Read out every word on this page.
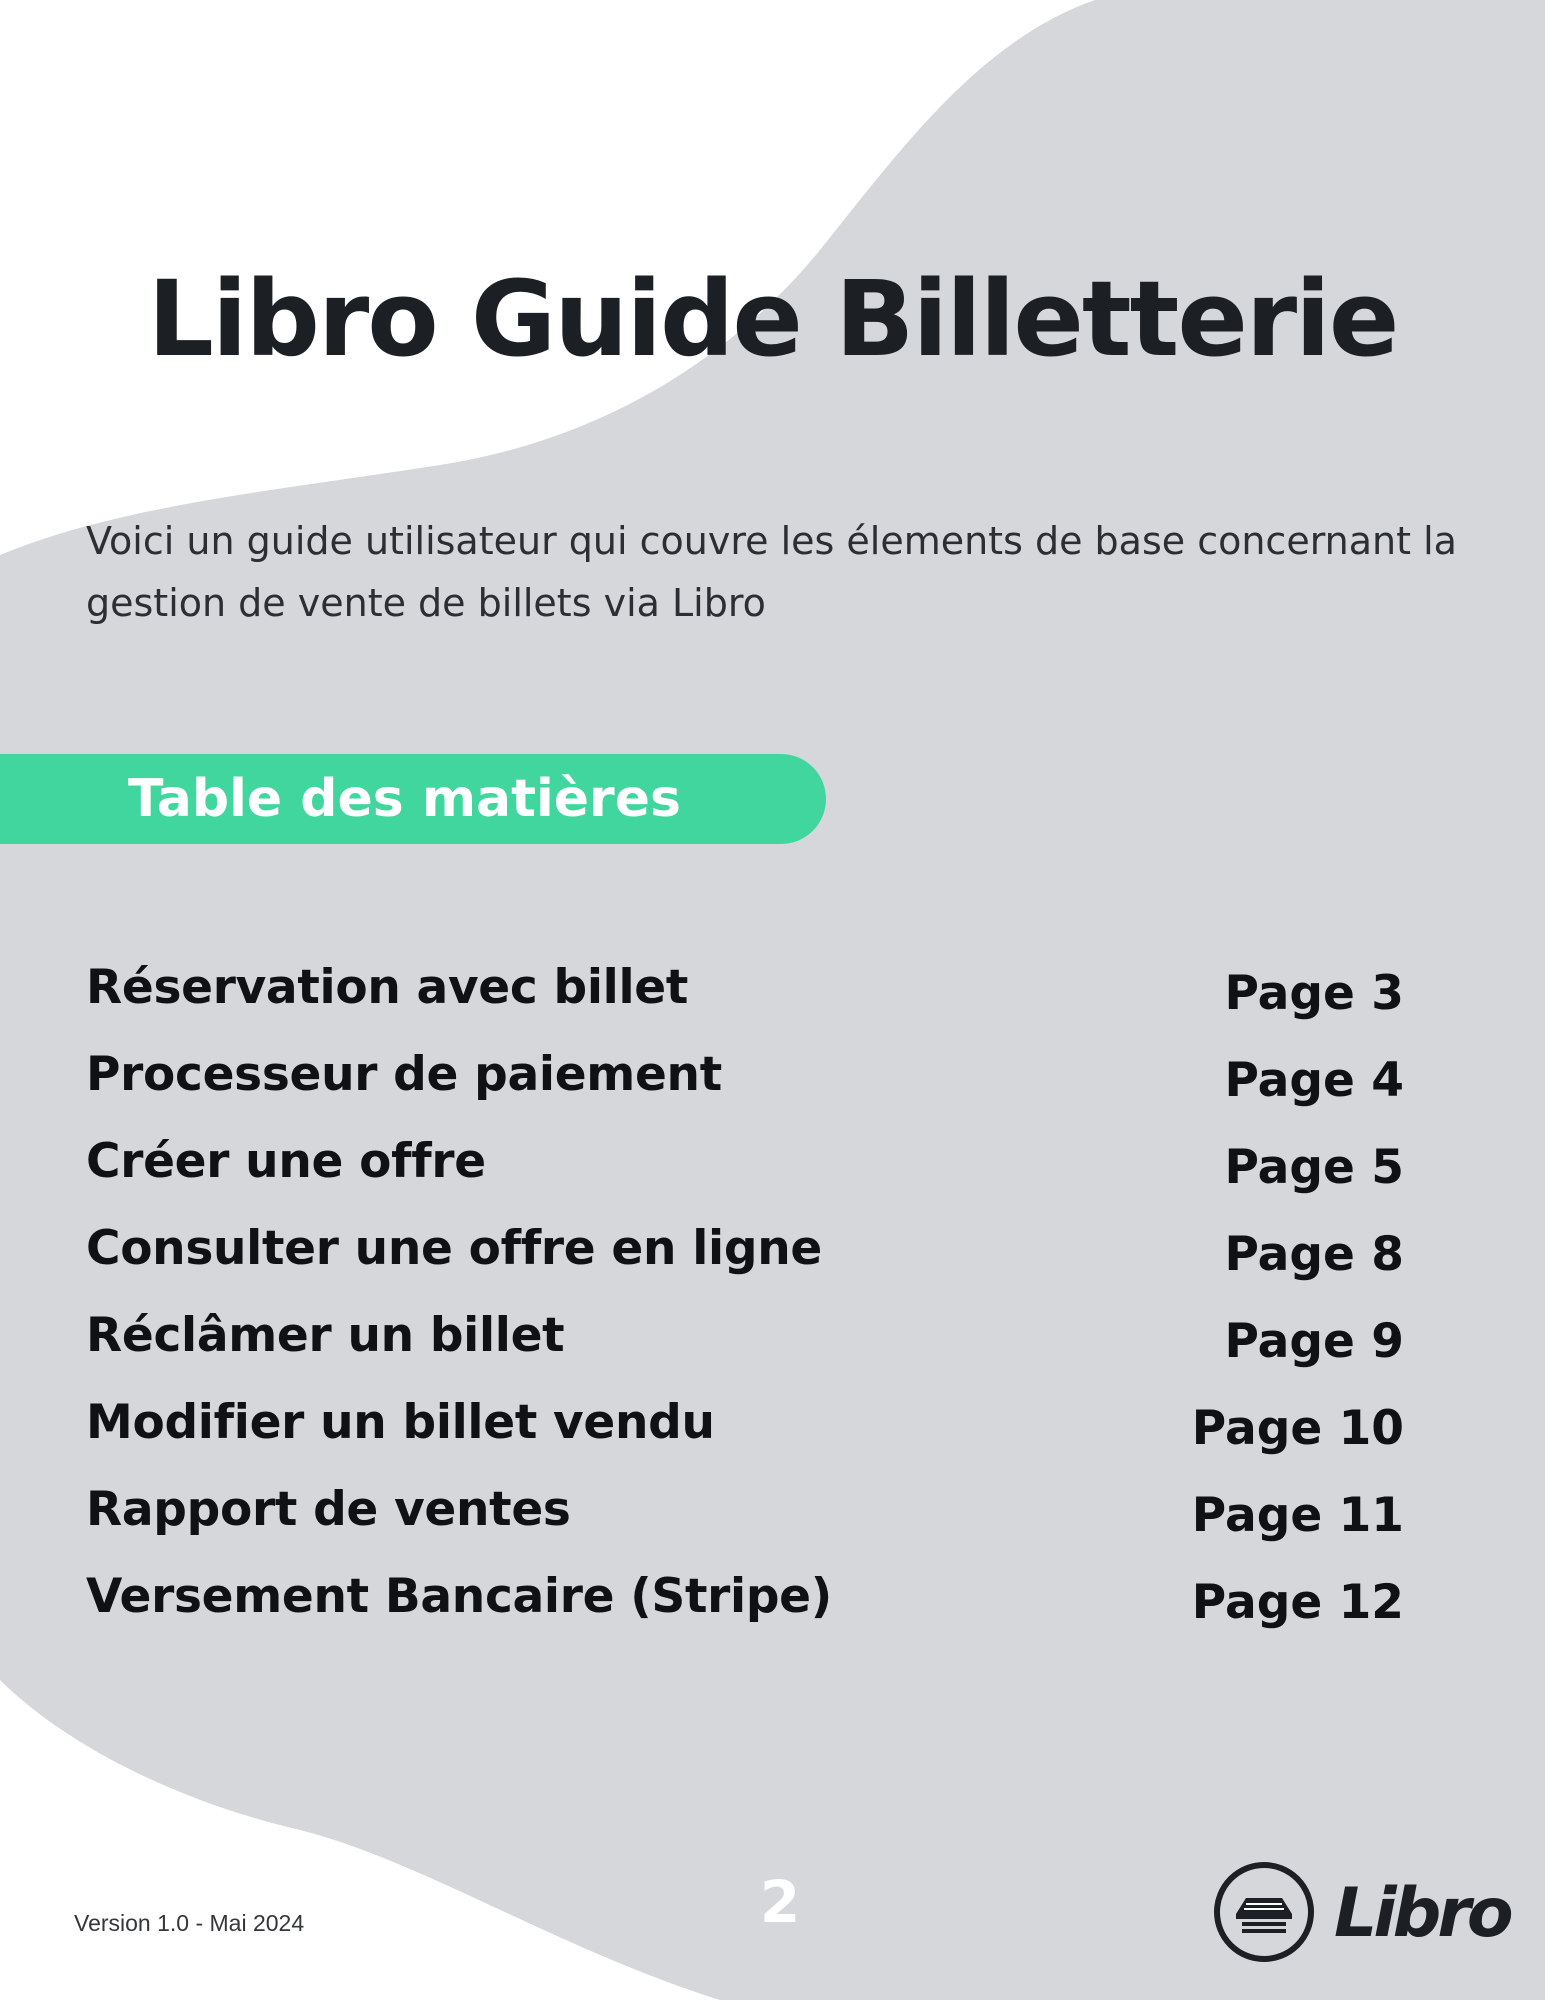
Libro Guide Billetterie

Voici un guide utilisateur qui couvre les élements de base concernant la gestion de vente de billets via Libro

Table des matières
Réservation avec billet	Page 3
Processeur de paiement	Page 4
Créer une offre	Page 5
Consulter une offre en ligne	Page 8
Réclâmer un billet	Page 9
Modifier un billet vendu	Page 10
Rapport de ventes	Page 11
Versement Bancaire (Stripe)	Page 12
Version 1.0 - Mai 2024	2	Libro
